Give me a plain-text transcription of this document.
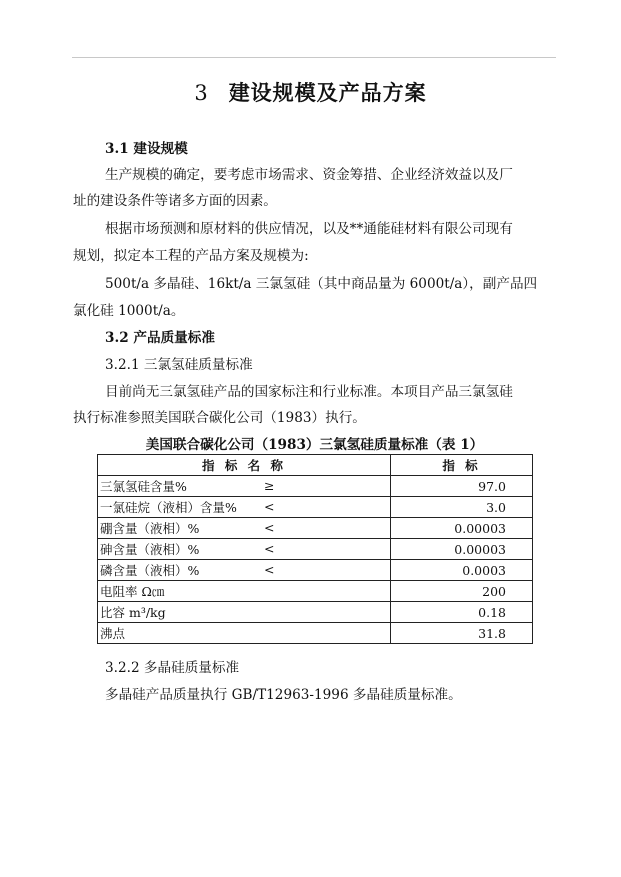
3 建设规模及产品方案
3.1 建设规模
生产规模的确定，要考虑市场需求、资金筹措、企业经济效益以及厂
址的建设条件等诸多方面的因素。
根据市场预测和原材料的供应情况，以及**通能硅材料有限公司现有
规划，拟定本工程的产品方案及规模为:
500t/a 多晶硅、16kt/a 三氯氢硅（其中商品量为 6000t/a），副产品四
氯化硅 1000t/a。
3.2 产品质量标准
3.2.1 三氯氢硅质量标准
目前尚无三氯氢硅产品的国家标注和行业标准。本项目产品三氯氢硅
执行标准参照美国联合碳化公司（1983）执行。
美国联合碳化公司（1983）三氯氢硅质量标准（表 1）
指 标 名 称	指 标
三氯氢硅含量% ≥	97.0
一氯硅烷（液相）含量% <	3.0
硼含量（液相）% <	0.00003
砷含量（液相）% <	0.00003
磷含量（液相）% <	0.0003
电阻率 Ω㎝	200
比容 m³/kg	0.18
沸点	31.8
3.2.2 多晶硅质量标准
多晶硅产品质量执行 GB/T12963-1996 多晶硅质量标准。
